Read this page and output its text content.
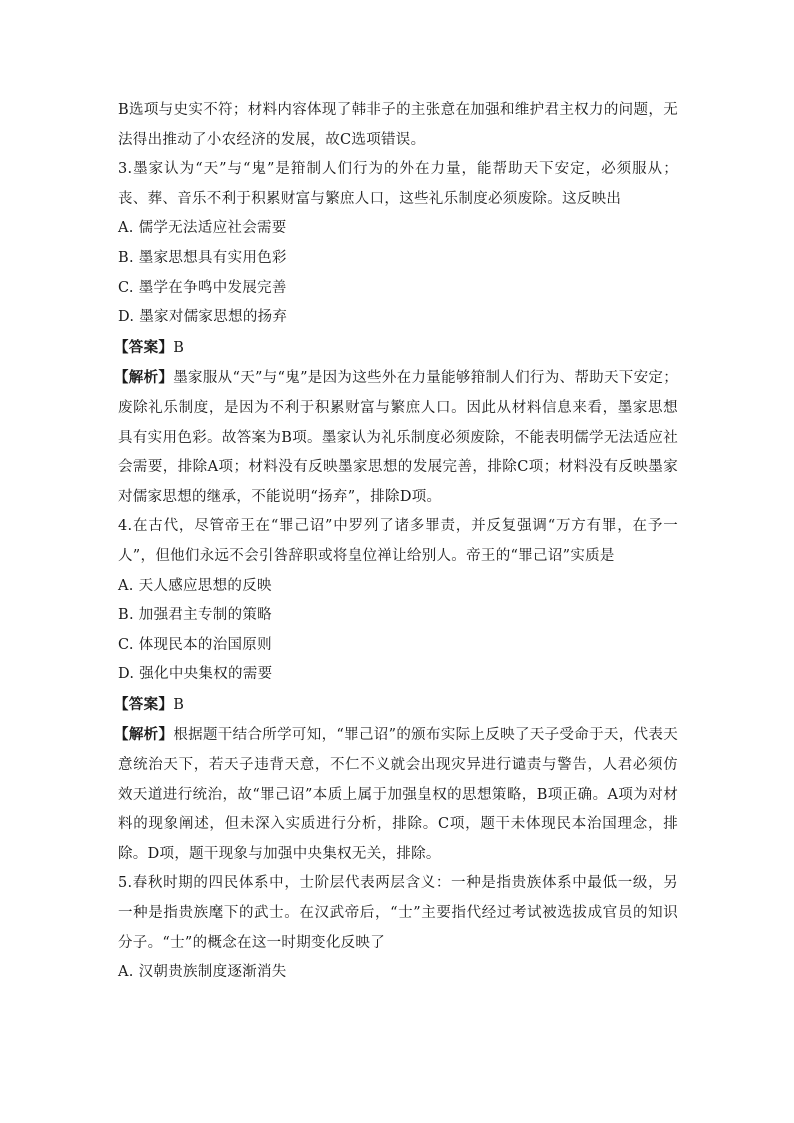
B选项与史实不符；材料内容体现了韩非子的主张意在加强和维护君主权力的问题，无法得出推动了小农经济的发展，故C选项错误。

3.墨家认为“天”与“鬼”是箝制人们行为的外在力量，能帮助天下安定，必须服从；丧、葬、音乐不利于积累财富与繁庶人口，这些礼乐制度必须废除。这反映出

A. 儒学无法适应社会需要

B. 墨家思想具有实用色彩

C. 墨学在争鸣中发展完善

D. 墨家对儒家思想的扬弃

【答案】B

【解析】墨家服从“天”与“鬼”是因为这些外在力量能够箝制人们行为、帮助天下安定；废除礼乐制度，是因为不利于积累财富与繁庶人口。因此从材料信息来看，墨家思想具有实用色彩。故答案为B项。墨家认为礼乐制度必须废除，不能表明儒学无法适应社会需要，排除A项；材料没有反映墨家思想的发展完善，排除C项；材料没有反映墨家对儒家思想的继承，不能说明“扬弃”，排除D项。

4.在古代，尽管帝王在“罪己诏”中罗列了诸多罪责，并反复强调“万方有罪，在予一人”，但他们永远不会引咎辞职或将皇位禅让给别人。帝王的“罪己诏”实质是

A. 天人感应思想的反映

B. 加强君主专制的策略

C. 体现民本的治国原则

D. 强化中央集权的需要

【答案】B

【解析】根据题干结合所学可知，“罪己诏”的颁布实际上反映了天子受命于天，代表天意统治天下，若天子违背天意，不仁不义就会出现灾异进行谴责与警告，人君必须仿效天道进行统治，故“罪己诏”本质上属于加强皇权的思想策略，B项正确。A项为对材料的现象阐述，但未深入实质进行分析，排除。C项，题干未体现民本治国理念，排除。D项，题干现象与加强中央集权无关，排除。

5.春秋时期的四民体系中，士阶层代表两层含义：一种是指贵族体系中最低一级，另一种是指贵族麾下的武士。在汉武帝后，“士”主要指代经过考试被选拔成官员的知识分子。“士”的概念在这一时期变化反映了

A. 汉朝贵族制度逐渐消失
